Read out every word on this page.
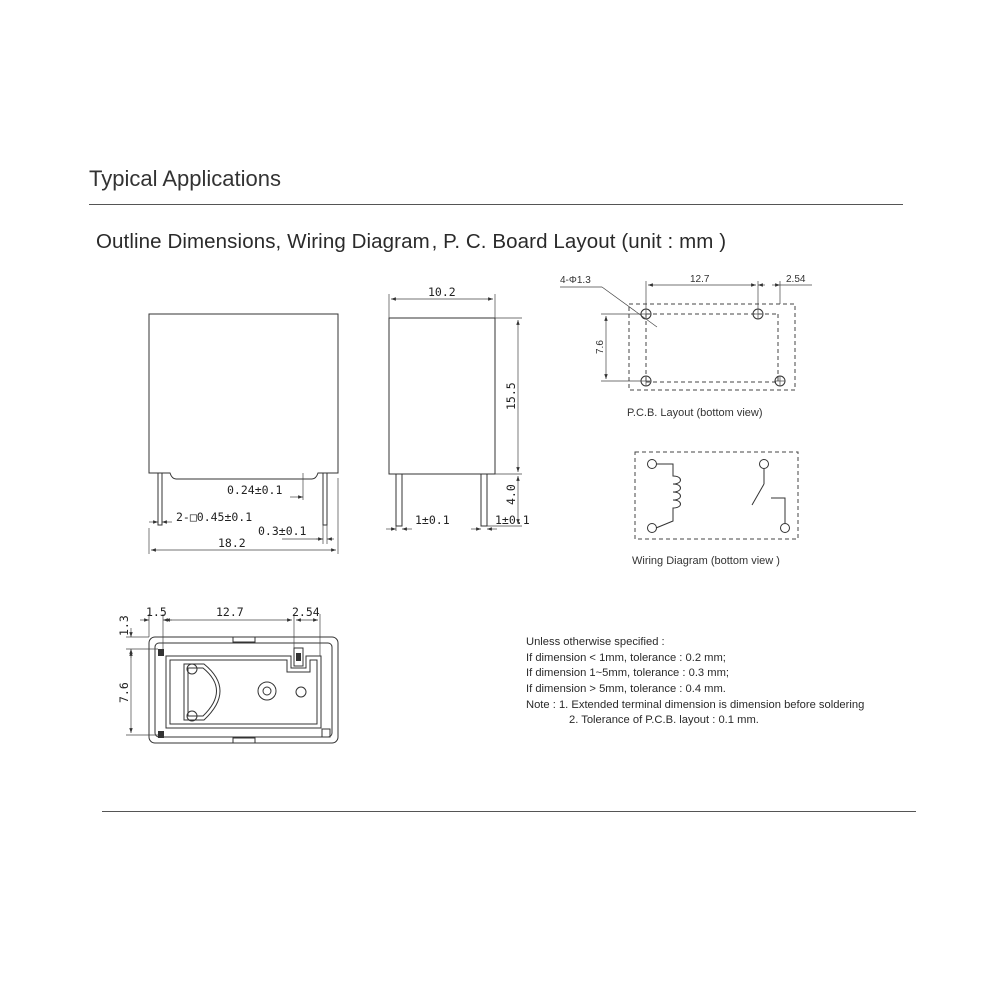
Typical Applications
Outline Dimensions, Wiring Diagram , P. C. Board Layout (unit : mm )
0.24±0.1
2-□0.45±0.1
0.3±0.1
18.2
10.2
15.5
4.0
1±0.1	1±0.1
4-Φ1.3	12.7	2.54
7.6
P.C.B. Layout (bottom view)
Wiring Diagram (bottom view )
1.5	12.7	2.54
1.3
7.6
Unless otherwise specified :
If dimension < 1mm, tolerance : 0.2 mm;
If dimension 1~5mm, tolerance : 0.3 mm;
If dimension > 5mm, tolerance : 0.4 mm.
Note : 1. Extended terminal dimension is dimension before soldering
2. Tolerance of P.C.B. layout : 0.1 mm.
